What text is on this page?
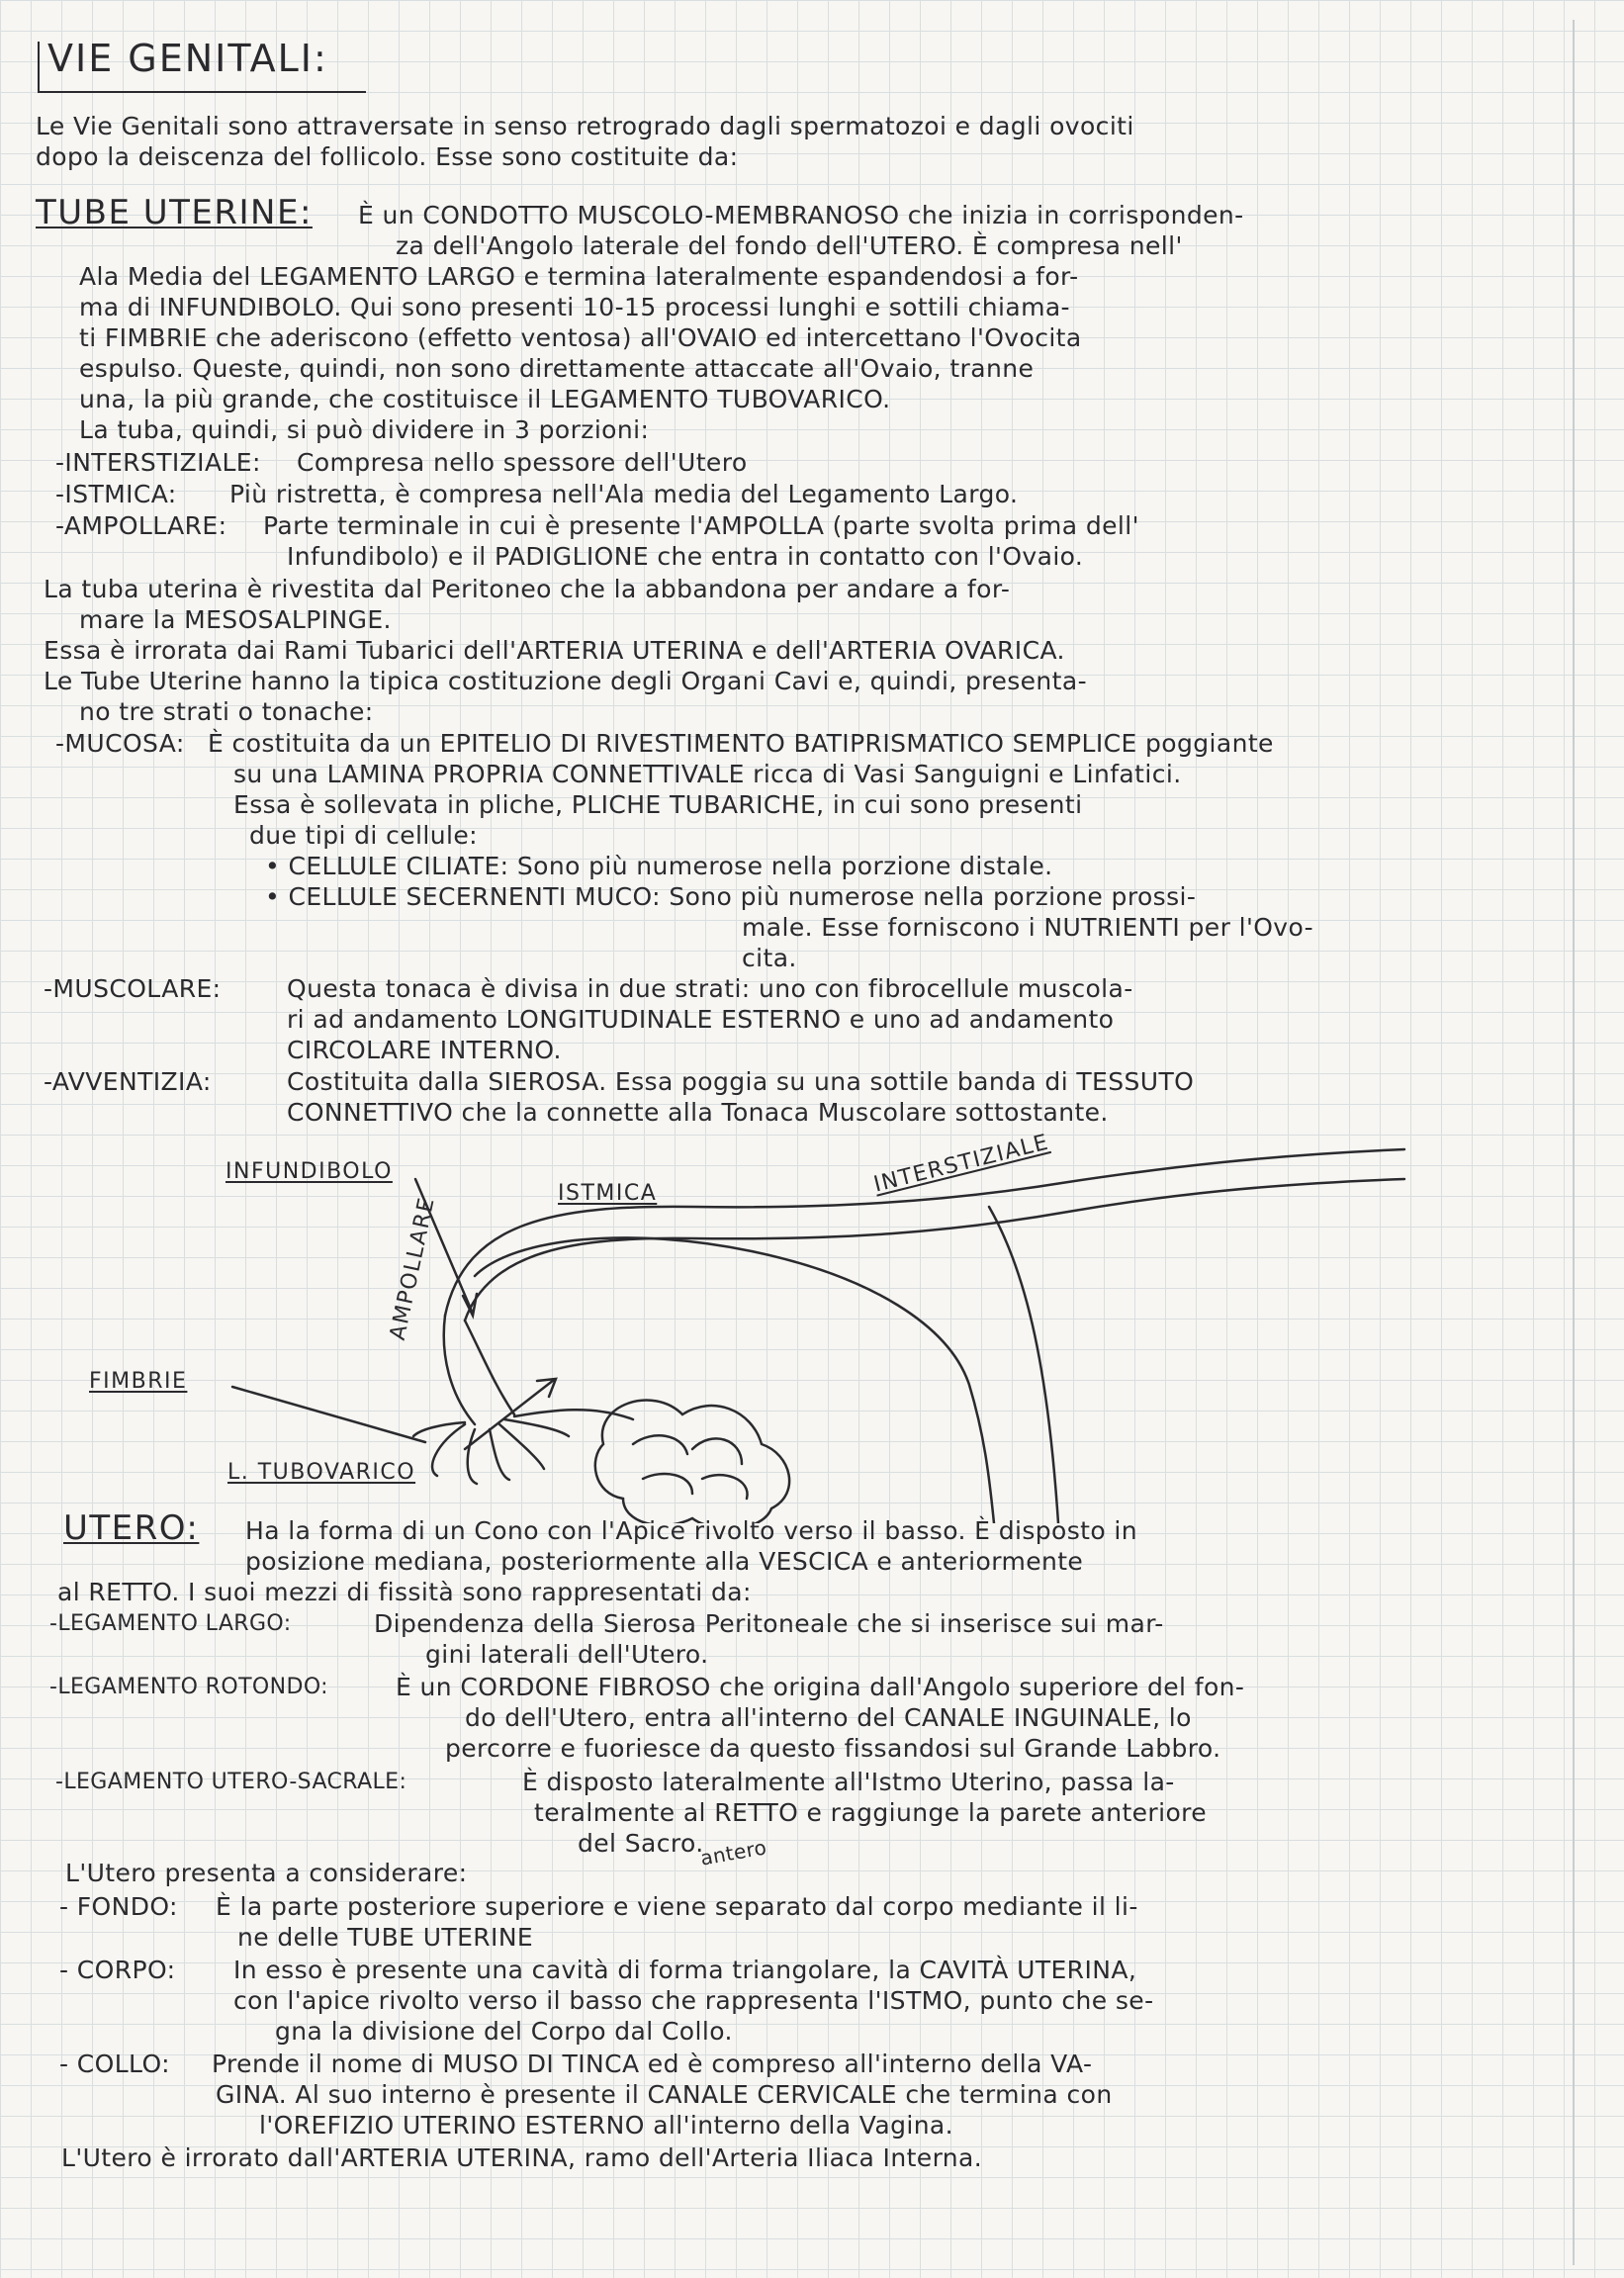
VIE GENITALI:
Le Vie Genitali sono attraversate in senso retrogrado dagli spermatozoi e dagli ovociti
dopo la deiscenza del follicolo. Esse sono costituite da:
TUBE UTERINE: È un CONDOTTO MUSCOLO-MEMBRANOSO che inizia in corrisponden-
za dell'Angolo laterale del fondo dell'UTERO. È compresa nell'
Ala Media del LEGAMENTO LARGO e termina lateralmente espandendosi a for-
ma di INFUNDIBOLO. Qui sono presenti 10-15 processi lunghi e sottili chiama-
ti FIMBRIE che aderiscono (effetto ventosa) all'OVAIO ed intercettano l'Ovocita
espulso. Queste, quindi, non sono direttamente attaccate all'Ovaio, tranne
una, la più grande, che costituisce il LEGAMENTO TUBOVARICO.
La tuba, quindi, si può dividere in 3 porzioni:
-INTERSTIZIALE: Compresa nello spessore dell'Utero
-ISTMICA: Più ristretta, è compresa nell'Ala media del Legamento Largo.
-AMPOLLARE: Parte terminale in cui è presente l'AMPOLLA (parte svolta prima dell'
Infundibolo) e il PADIGLIONE che entra in contatto con l'Ovaio.
La tuba uterina è rivestita dal Peritoneo che la abbandona per andare a for-
mare la MESOSALPINGE.
Essa è irrorata dai Rami Tubarici dell'ARTERIA UTERINA e dell'ARTERIA OVARICA.
Le Tube Uterine hanno la tipica costituzione degli Organi Cavi e, quindi, presenta-
no tre strati o tonache:
-MUCOSA: È costituita da un EPITELIO DI RIVESTIMENTO BATIPRISMATICO SEMPLICE poggiante
su una LAMINA PROPRIA CONNETTIVALE ricca di Vasi Sanguigni e Linfatici.
Essa è sollevata in pliche, PLICHE TUBARICHE, in cui sono presenti
due tipi di cellule:
• CELLULE CILIATE: Sono più numerose nella porzione distale.
• CELLULE SECERNENTI MUCO: Sono più numerose nella porzione prossi-
male. Esse forniscono i NUTRIENTI per l'Ovo-
cita.
-MUSCOLARE:	Questa tonaca è divisa in due strati: uno con fibrocellule muscola-
ri ad andamento LONGITUDINALE ESTERNO e uno ad andamento
CIRCOLARE INTERNO.
-AVVENTIZIA:	Costituita dalla SIEROSA. Essa poggia su una sottile banda di TESSUTO
CONNETTIVO che la connette alla Tonaca Muscolare sottostante.
INFUNDIBOLO
ISTMICA	INTERSTIZIALE
AMPOLLARE
FIMBRIE
L. TUBOVARICO
UTERO: Ha la forma di un Cono con l'Apice rivolto verso il basso. È disposto in
posizione mediana, posteriormente alla VESCICA e anteriormente
al RETTO. I suoi mezzi di fissità sono rappresentati da:
-LEGAMENTO LARGO:	Dipendenza della Sierosa Peritoneale che si inserisce sui mar-
gini laterali dell'Utero.
-LEGAMENTO ROTONDO:	È un CORDONE FIBROSO che origina dall'Angolo superiore del fon-
do dell'Utero, entra all'interno del CANALE INGUINALE, lo
percorre e fuoriesce da questo fissandosi sul Grande Labbro.
-LEGAMENTO UTERO-SACRALE:	È disposto lateralmente all'Istmo Uterino, passa la-
teralmente al RETTO e raggiunge la parete anteriore
del Sacro.
L'Utero presenta a considerare:
antero
- FONDO: È la parte posteriore superiore e viene separato dal corpo mediante il li-
ne delle TUBE UTERINE
- CORPO: In esso è presente una cavità di forma triangolare, la CAVITÀ UTERINA,
con l'apice rivolto verso il basso che rappresenta l'ISTMO, punto che se-
gna la divisione del Corpo dal Collo.
- COLLO: Prende il nome di MUSO DI TINCA ed è compreso all'interno della VA-
GINA. Al suo interno è presente il CANALE CERVICALE che termina con
l'OREFIZIO UTERINO ESTERNO all'interno della Vagina.
L'Utero è irrorato dall'ARTERIA UTERINA, ramo dell'Arteria Iliaca Interna.
